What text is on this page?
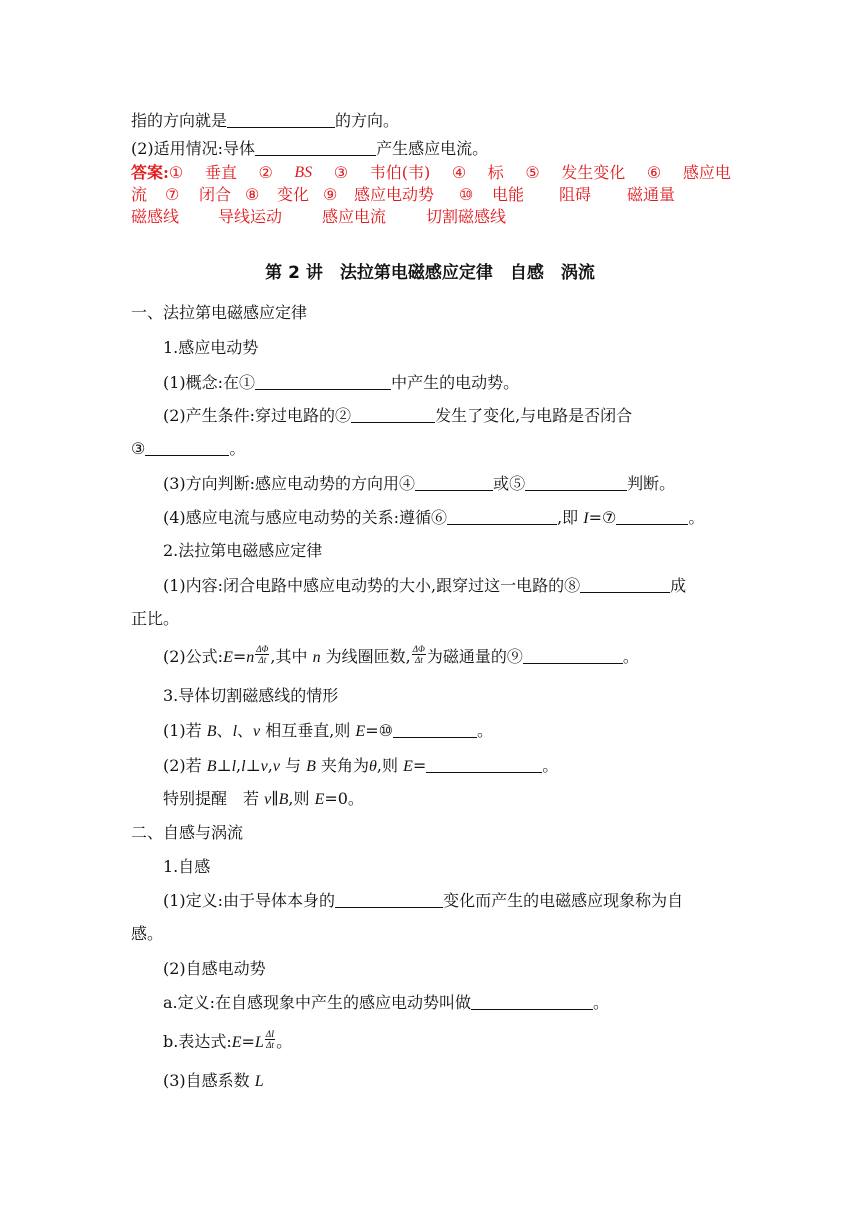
指的方向就是	的方向。
(2)适用情况:导体	产生感应电流。
答案:① 垂直 ② BS ③ 韦伯(韦) ④ 标 ⑤ 发生变化 ⑥ 感应电
流	⑦	闭合 ⑧	变化 ⑨	感应电动势	⑩	电能	阻碍	磁通量
磁感线	导线运动	感应电流	切割磁感线
第 2 讲　法拉第电磁感应定律　自感　涡流
一、法拉第电磁感应定律
1.感应电动势
(1)概念:在①	中产生的电动势。
(2)产生条件:穿过电路的②	发生了变化,与电路是否闭合
③	。
(3)方向判断:感应电动势的方向用④	或⑤	判断。
(4)感应电流与感应电动势的关系:遵循⑥	,即 I=⑦	。
2.法拉第电磁感应定律
(1)内容:闭合电路中感应电动势的大小,跟穿过这一电路的⑧	成
正比。
(2)公式:E=n $\frac{\Delta\Phi}{\Delta t}$ ,其中 n 为线圈匝数, $\frac{\Delta\Phi}{\Delta t}$ 为磁通量的⑨	。
3.导体切割磁感线的情形
(1)若 B、l、v 相互垂直,则 E=⑩	。
(2)若 B⊥l,l⊥v,v 与 B 夹角为θ,则 E=	。
特别提醒　若 v∥B,则 E=0。
二、自感与涡流
1.自感
(1)定义:由于导体本身的	变化而产生的电磁感应现象称为自
感。
(2)自感电动势
a.定义:在自感现象中产生的感应电动势叫做	。
b.表达式:E=L $\frac{\Delta I}{\Delta t}$ 。
(3)自感系数 L
